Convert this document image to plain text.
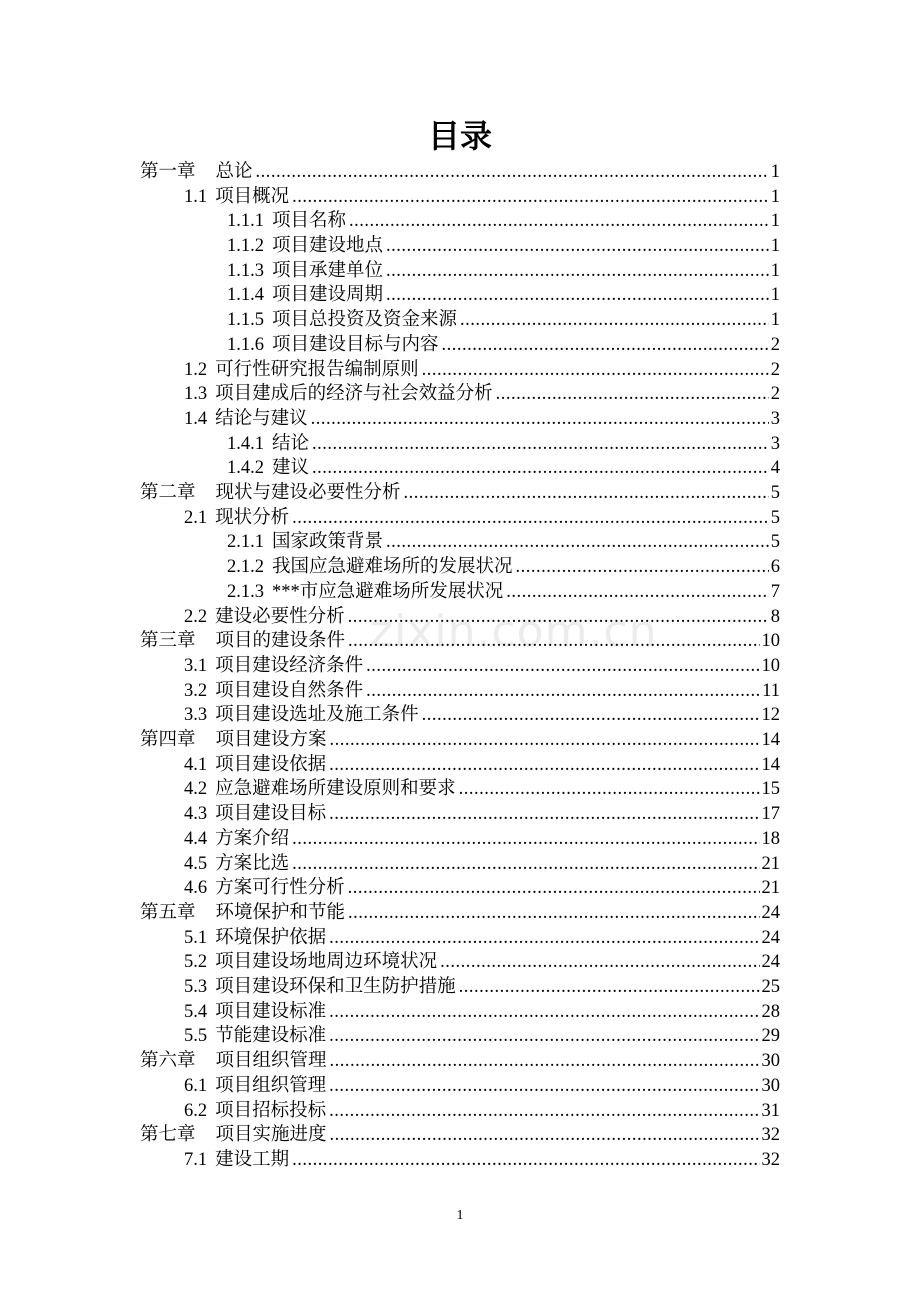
目录
zixin.com.cn
第一章 总论 .....	1
1.1 项目概况 .....	1
1.1.1 项目名称 .....	1
1.1.2 项目建设地点 .....	1
1.1.3 项目承建单位 .....	1
1.1.4 项目建设周期 .....	1
1.1.5 项目总投资及资金来源 .....	1
1.1.6 项目建设目标与内容 .....	2
1.2 可行性研究报告编制原则 .....	2
1.3 项目建成后的经济与社会效益分析 .....	2
1.4 结论与建议 .....	3
1.4.1 结论 .....	3
1.4.2 建议 .....	4
第二章 现状与建设必要性分析 .....	5
2.1 现状分析 .....	5
2.1.1 国家政策背景 .....	5
2.1.2 我国应急避难场所的发展状况 .....	6
2.1.3 ***市应急避难场所发展状况 .....	7
2.2 建设必要性分析 .....	8
第三章 项目的建设条件 .....	10
3.1 项目建设经济条件 .....	10
3.2 项目建设自然条件 .....	11
3.3 项目建设选址及施工条件 .....	12
第四章 项目建设方案 .....	14
4.1 项目建设依据 .....	14
4.2 应急避难场所建设原则和要求 .....	15
4.3 项目建设目标 .....	17
4.4 方案介绍 .....	18
4.5 方案比选 .....	21
4.6 方案可行性分析 .....	21
第五章 环境保护和节能 .....	24
5.1 环境保护依据 .....	24
5.2 项目建设场地周边环境状况 .....	24
5.3 项目建设环保和卫生防护措施 .....	25
5.4 项目建设标准 .....	28
5.5 节能建设标准 .....	29
第六章 项目组织管理 .....	30
6.1 项目组织管理 .....	30
6.2 项目招标投标 .....	31
第七章 项目实施进度 .....	32
7.1 建设工期 .....	32
1
